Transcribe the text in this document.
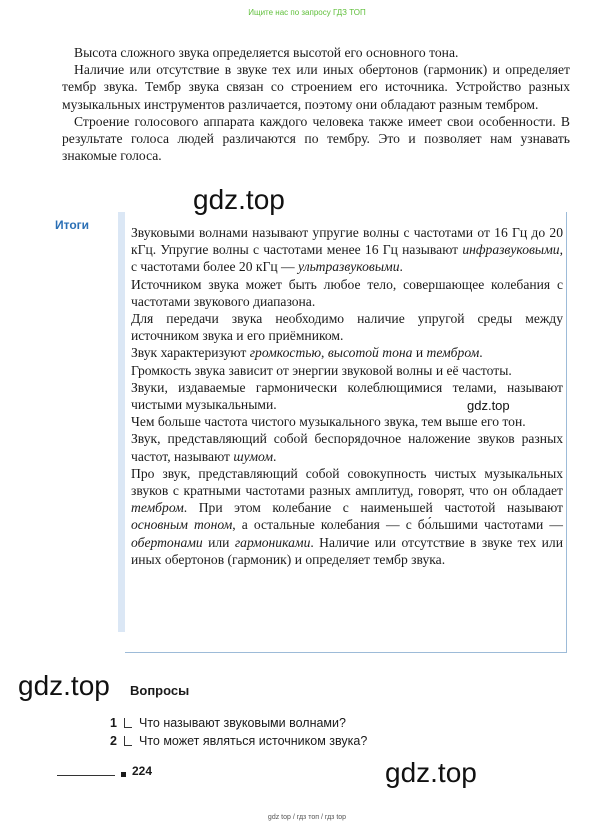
Ищите нас по запросу ГДЗ ТОП

Высота сложного звука определяется высотой его основного тона.

Наличие или отсутствие в звуке тех или иных обертонов (гармоник) и определяет тембр звука. Тембр звука связан со строением его источника. Устройство разных музыкальных инструментов различается, поэтому они обладают разным тембром.

Строение голосового аппарата каждого человека также имеет свои особенности. В результате голоса людей различаются по тембру. Это и позволяет нам узнавать знакомые голоса.

Итоги	Звуковыми волнами называют упругие волны с частотами от 16 Гц до 20 кГц. Упругие волны с частотами менее 16 Гц называют инфразвуковыми, с частотами более 20 кГц — ультразвуковыми.

Источником звука может быть любое тело, совершающее колебания с частотами звукового диапазона.

Для передачи звука необходимо наличие упругой среды между источником звука и его приёмником.

Звук характеризуют громкостью, высотой тона и тембром.

Громкость звука зависит от энергии звуковой волны и её частоты.

Звуки, издаваемые гармонически колеблющимися телами, называют чистыми музыкальными.

Чем больше частота чистого музыкального звука, тем выше его тон.

Звук, представляющий собой беспорядочное наложение звуков разных частот, называют шумом.

Про звук, представляющий собой совокупность чистых музыкальных звуков с кратными частотами разных амплитуд, говорят, что он обладает тембром. При этом колебание с наименьшей частотой называют основным тоном, а остальные колебания — с бо́льшими частотами — обертонами или гармониками. Наличие или отсутствие в звуке тех или иных обертонов (гармоник) и определяет тембр звука.

gdz.top
gdz.top
gdz.top
gdz.top
Вопросы
1 Что называют звуковыми волнами?
2 Что может являться источником звука?
224
gdz top / гдз топ / гдз top
